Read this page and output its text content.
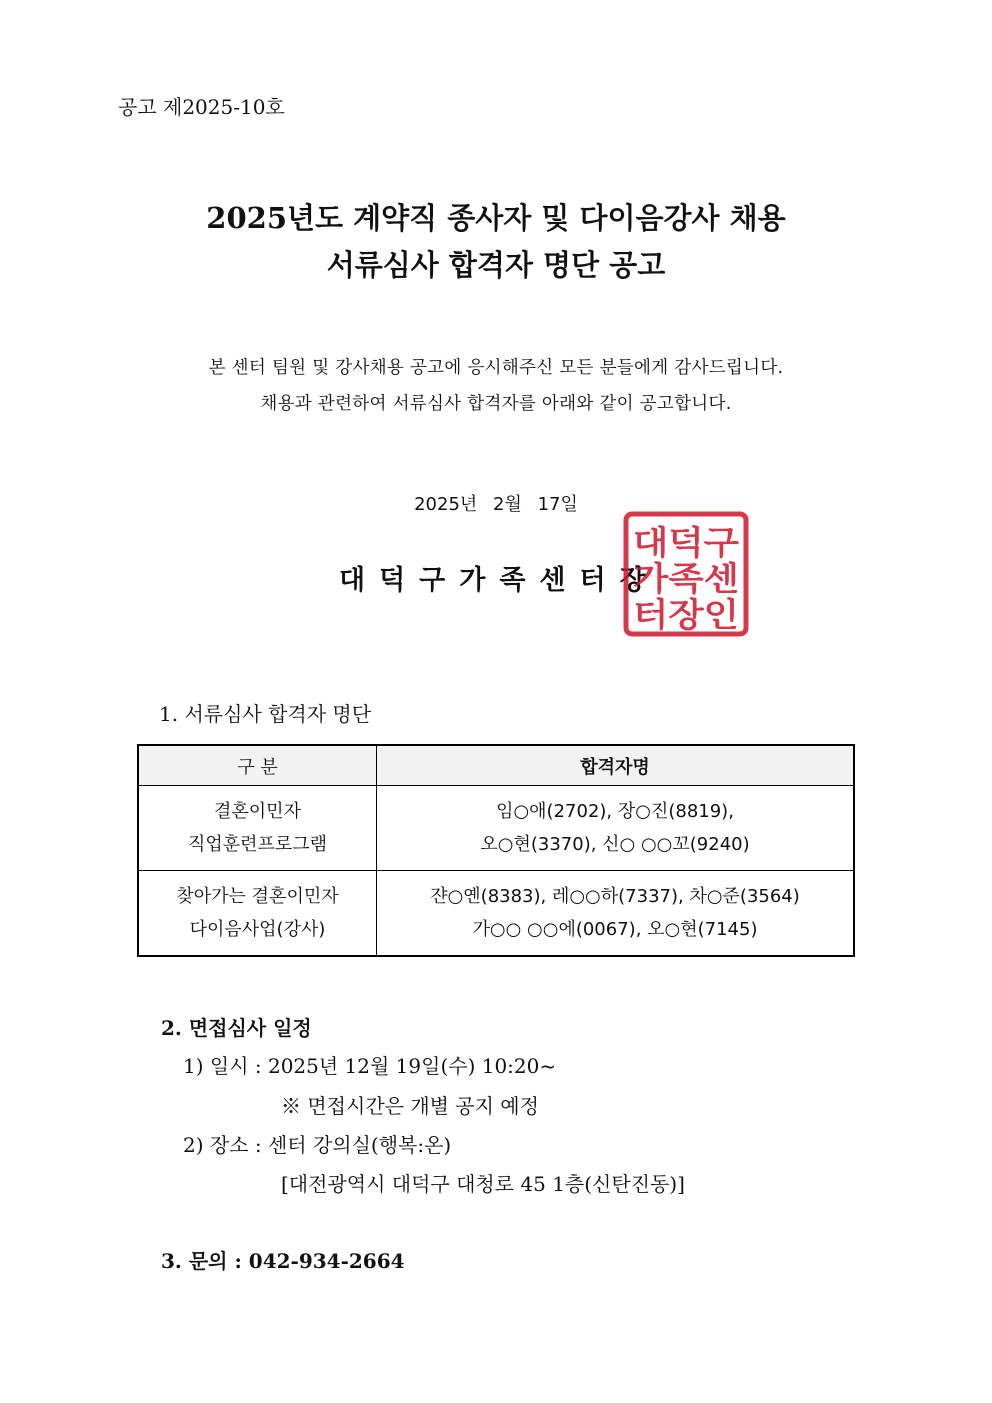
공고 제2025-10호
2025년도 계약직 종사자 및 다이음강사 채용
서류심사 합격자 명단 공고
본 센터 팀원 및 강사채용 공고에 응시해주신 모든 분들에게 감사드립니다.
채용과 관련하여 서류심사 합격자를 아래와 같이 공고합니다.
2025년 2월 17일
대덕구가족센터장
대덕구
가족센
터장인
1. 서류심사 합격자 명단
구 분	합격자명

결혼이민자
직업훈련프로그램	임○애(2702), 장○진(8819),
오○현(3370), 신○ ○○꼬(9240)

찾아가는 결혼이민자
다이음사업(강사)	쟌○옌(8383), 레○○하(7337), 차○준(3564)
가○○ ○○에(0067), 오○현(7145)
2. 면접심사 일정
1) 일시 : 2025년 12월 19일(수) 10:20~
※ 면접시간은 개별 공지 예정
2) 장소 : 센터 강의실(행복:온)
[대전광역시 대덕구 대청로 45 1층(신탄진동)]
3. 문의 : 042-934-2664
